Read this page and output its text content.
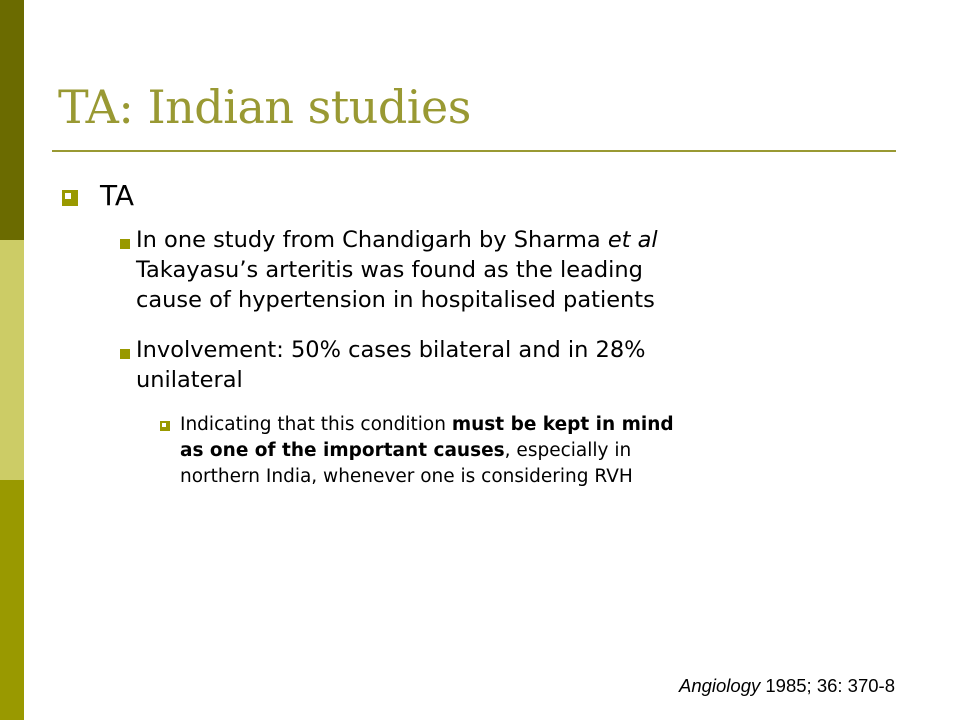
TA: Indian studies
TA
In one study from Chandigarh by Sharma et al
Takayasu’s arteritis was found as the leading
cause of hypertension in hospitalised patients
Involvement: 50% cases bilateral and in 28%
unilateral
Indicating that this condition must be kept in mind
as one of the important causes, especially in
northern India, whenever one is considering RVH
Angiology 1985; 36: 370-8
